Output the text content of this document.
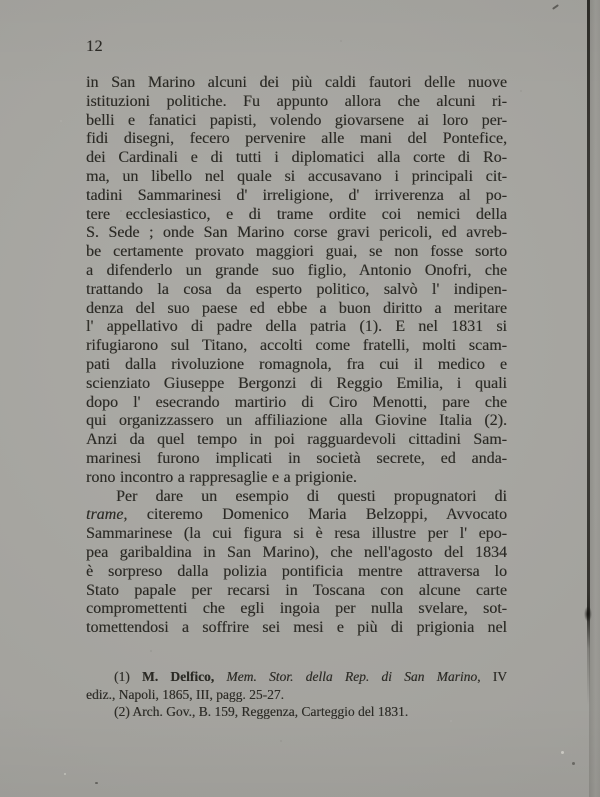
12
in San Marino alcuni dei più caldi fautori delle nuove
istituzioni politiche. Fu appunto allora che alcuni ri-
belli e fanatici papisti, volendo giovarsene ai loro per-
fidi disegni, fecero pervenire alle mani del Pontefice,
dei Cardinali e di tutti i diplomatici alla corte di Ro-
ma, un libello nel quale si accusavano i principali cit-
tadini Sammarinesi d' irreligione, d' irriverenza al po-
tere ecclesiastico, e di trame ordite coi nemici della
S. Sede ; onde San Marino corse gravi pericoli, ed avreb-
be certamente provato maggiori guai, se non fosse sorto
a difenderlo un grande suo figlio, Antonio Onofri, che
trattando la cosa da esperto politico, salvò l' indipen-
denza del suo paese ed ebbe a buon diritto a meritare
l' appellativo di padre della patria (1). E nel 1831 si
rifugiarono sul Titano, accolti come fratelli, molti scam-
pati dalla rivoluzione romagnola, fra cui il medico e
scienziato Giuseppe Bergonzi di Reggio Emilia, i quali
dopo l' esecrando martirio di Ciro Menotti, pare che
qui organizzassero un affiliazione alla Giovine Italia (2).
Anzi da quel tempo in poi ragguardevoli cittadini Sam-
marinesi furono implicati in società secrete, ed anda-
rono incontro a rappresaglie e a prigionie.
Per dare un esempio di questi propugnatori di
trame, citeremo Domenico Maria Belzoppi, Avvocato
Sammarinese (la cui figura si è resa illustre per l' epo-
pea garibaldina in San Marino), che nell'agosto del 1834
è sorpreso dalla polizia pontificia mentre attraversa lo
Stato papale per recarsi in Toscana con alcune carte
compromettenti che egli ingoia per nulla svelare, sot-
tomettendosi a soffrire sei mesi e più di prigionia nel
(1) M. Delfico, Mem. Stor. della Rep. di San Marino, IV
ediz., Napoli, 1865, III, pagg. 25-27.
(2) Arch. Gov., B. 159, Reggenza, Carteggio del 1831.
